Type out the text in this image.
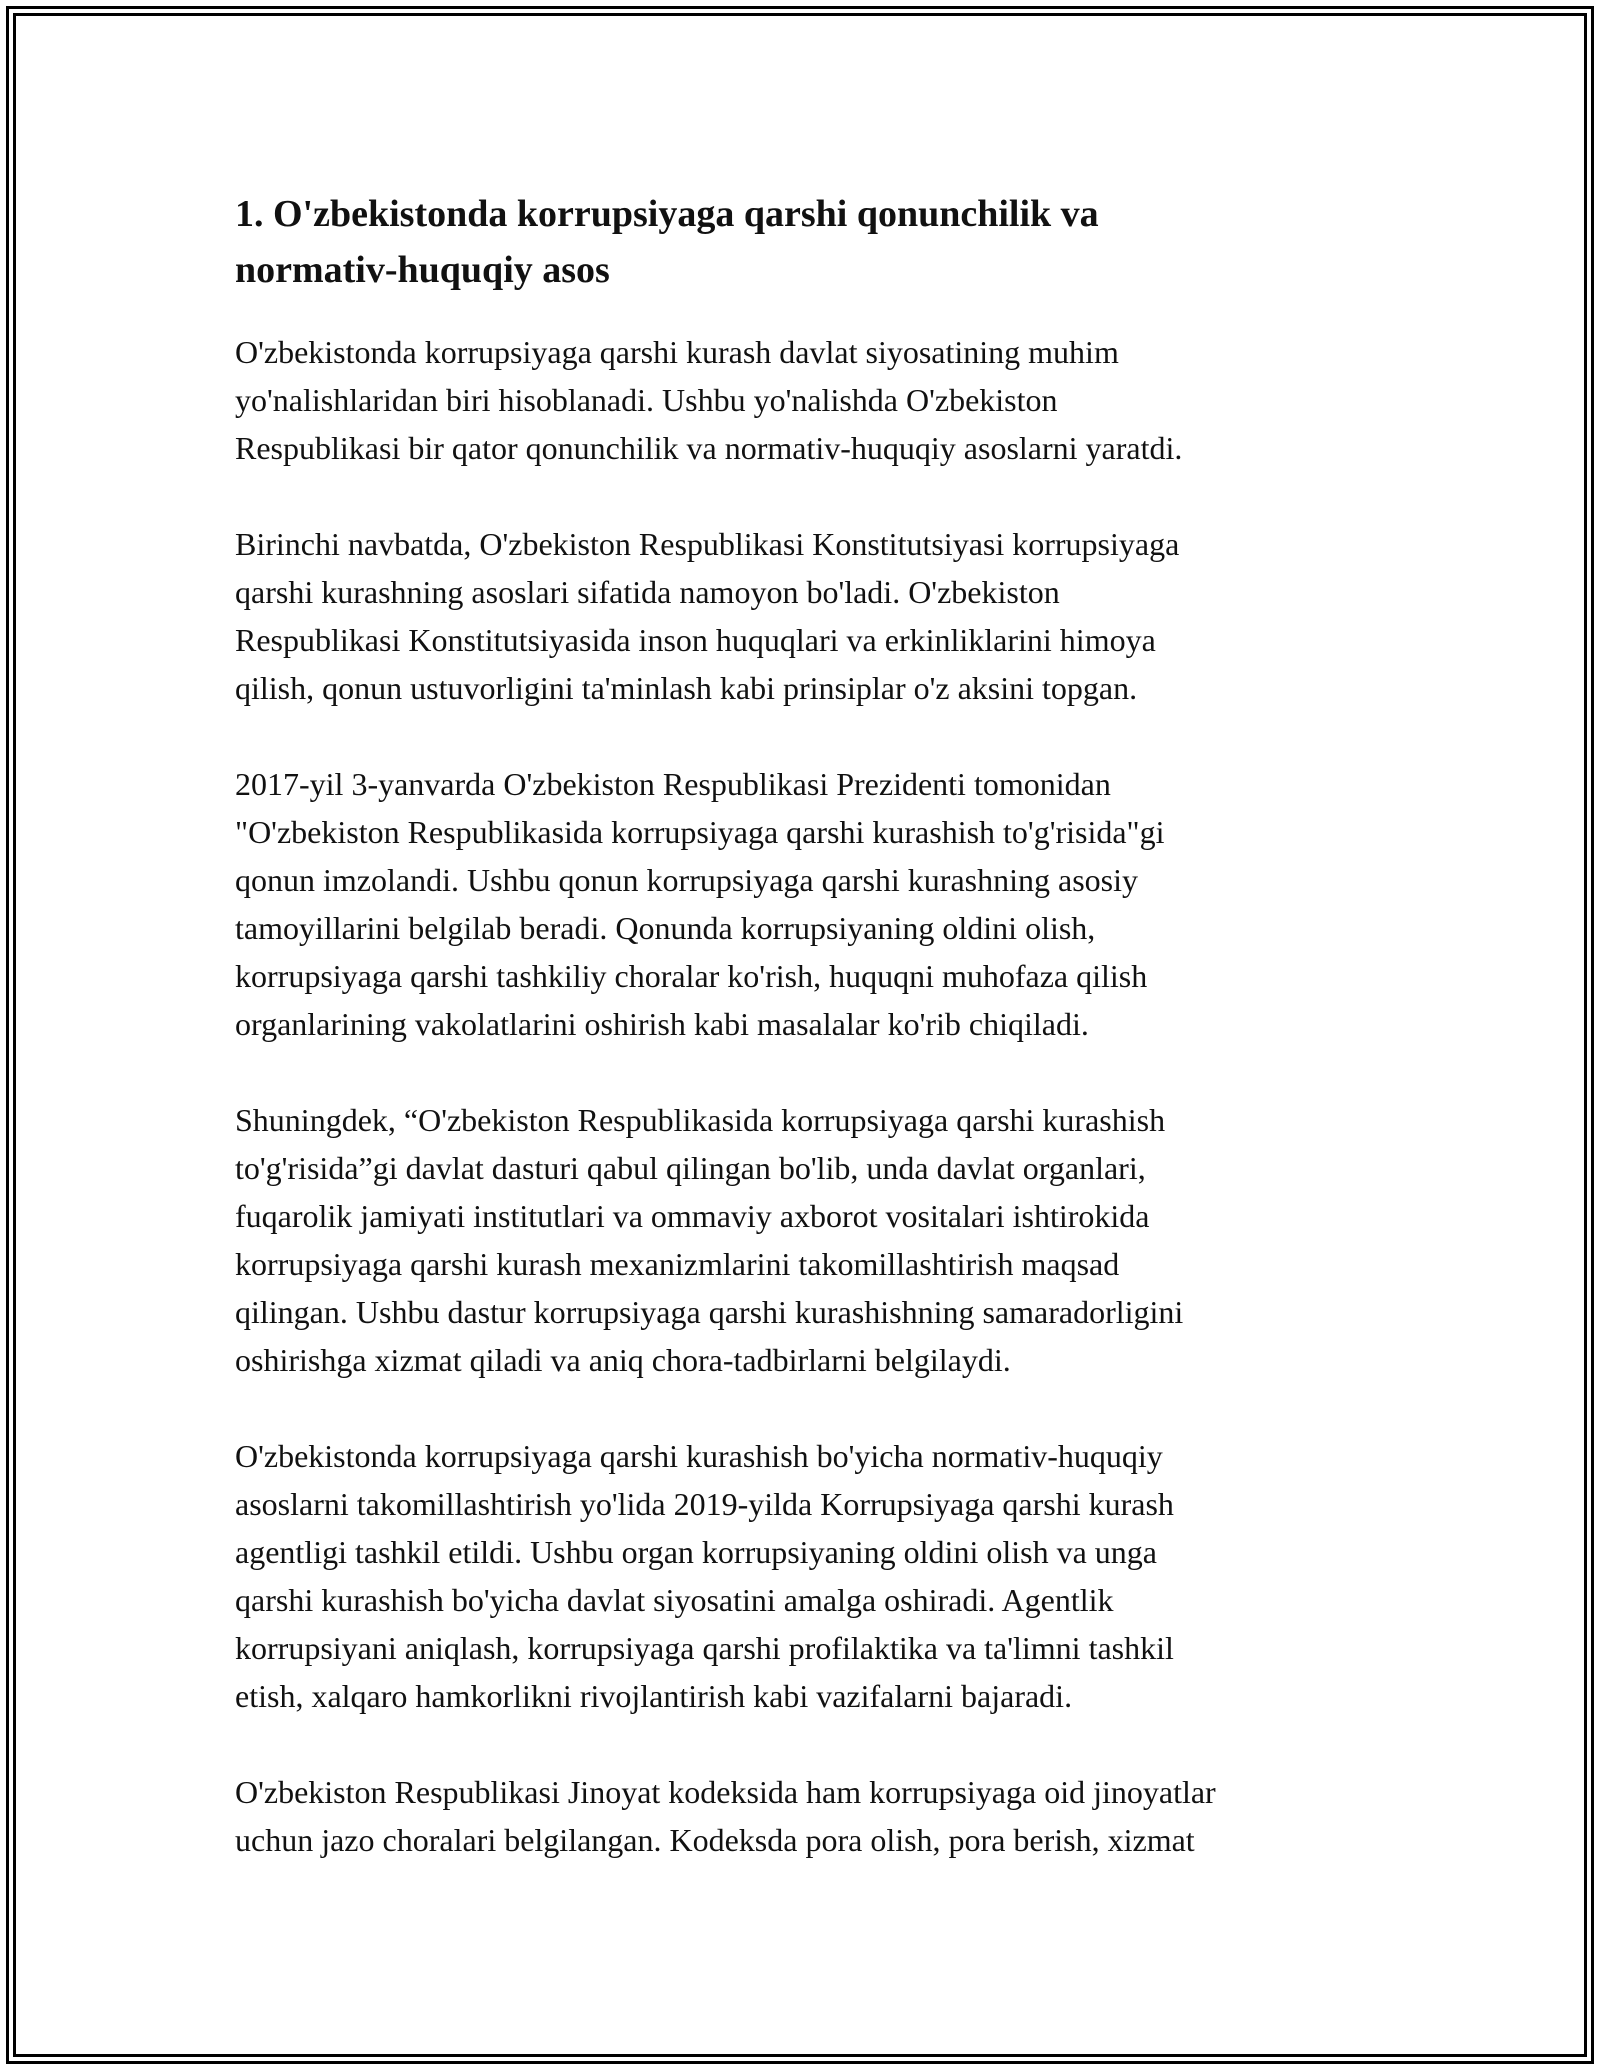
1. O'zbekistonda korrupsiyaga qarshi qonunchilik va
normativ-huquqiy asos

O'zbekistonda korrupsiyaga qarshi kurash davlat siyosatining muhim
yo'nalishlaridan biri hisoblanadi. Ushbu yo'nalishda O'zbekiston
Respublikasi bir qator qonunchilik va normativ-huquqiy asoslarni yaratdi.

Birinchi navbatda, O'zbekiston Respublikasi Konstitutsiyasi korrupsiyaga
qarshi kurashning asoslari sifatida namoyon bo'ladi. O'zbekiston
Respublikasi Konstitutsiyasida inson huquqlari va erkinliklarini himoya
qilish, qonun ustuvorligini ta'minlash kabi prinsiplar o'z aksini topgan.

2017-yil 3-yanvarda O'zbekiston Respublikasi Prezidenti tomonidan
"O'zbekiston Respublikasida korrupsiyaga qarshi kurashish to'g'risida"gi
qonun imzolandi. Ushbu qonun korrupsiyaga qarshi kurashning asosiy
tamoyillarini belgilab beradi. Qonunda korrupsiyaning oldini olish,
korrupsiyaga qarshi tashkiliy choralar ko'rish, huquqni muhofaza qilish
organlarining vakolatlarini oshirish kabi masalalar ko'rib chiqiladi.

Shuningdek, “O'zbekiston Respublikasida korrupsiyaga qarshi kurashish
to'g'risida”gi davlat dasturi qabul qilingan bo'lib, unda davlat organlari,
fuqarolik jamiyati institutlari va ommaviy axborot vositalari ishtirokida
korrupsiyaga qarshi kurash mexanizmlarini takomillashtirish maqsad
qilingan. Ushbu dastur korrupsiyaga qarshi kurashishning samaradorligini
oshirishga xizmat qiladi va aniq chora-tadbirlarni belgilaydi.

O'zbekistonda korrupsiyaga qarshi kurashish bo'yicha normativ-huquqiy
asoslarni takomillashtirish yo'lida 2019-yilda Korrupsiyaga qarshi kurash
agentligi tashkil etildi. Ushbu organ korrupsiyaning oldini olish va unga
qarshi kurashish bo'yicha davlat siyosatini amalga oshiradi. Agentlik
korrupsiyani aniqlash, korrupsiyaga qarshi profilaktika va ta'limni tashkil
etish, xalqaro hamkorlikni rivojlantirish kabi vazifalarni bajaradi.

O'zbekiston Respublikasi Jinoyat kodeksida ham korrupsiyaga oid jinoyatlar
uchun jazo choralari belgilangan. Kodeksda pora olish, pora berish, xizmat
